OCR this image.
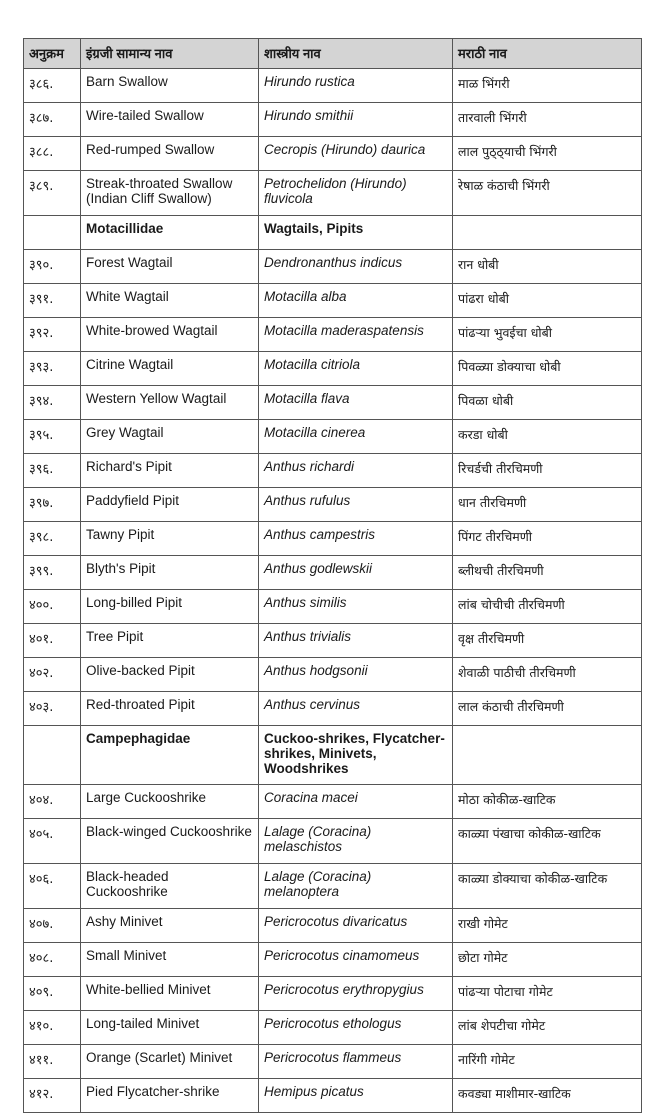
अनुक्रम	इंग्रजी सामान्य नाव	शास्त्रीय नाव	मराठी नाव
३८६.	Barn Swallow	Hirundo rustica	माळ भिंगरी
३८७.	Wire-tailed Swallow	Hirundo smithii	तारवाली भिंगरी
३८८.	Red-rumped Swallow	Cecropis (Hirundo) daurica	लाल पुठ्ठ्याची भिंगरी
३८९.	Streak-throated Swallow (Indian Cliff Swallow)	Petrochelidon (Hirundo) fluvicola	रेषाळ कंठाची भिंगरी
	Motacillidae	Wagtails, Pipits	
३९०.	Forest Wagtail	Dendronanthus indicus	रान धोबी
३९१.	White Wagtail	Motacilla alba	पांढरा धोबी
३९२.	White-browed Wagtail	Motacilla maderaspatensis	पांढऱ्या भुवईचा धोबी
३९३.	Citrine Wagtail	Motacilla citriola	पिवळ्या डोक्याचा धोबी
३९४.	Western Yellow Wagtail	Motacilla flava	पिवळा धोबी
३९५.	Grey Wagtail	Motacilla cinerea	करडा धोबी
३९६.	Richard's Pipit	Anthus richardi	रिचर्डची तीरचिमणी
३९७.	Paddyfield Pipit	Anthus rufulus	धान तीरचिमणी
३९८.	Tawny Pipit	Anthus campestris	पिंगट तीरचिमणी
३९९.	Blyth's Pipit	Anthus godlewskii	ब्लीथची तीरचिमणी
४००.	Long-billed Pipit	Anthus similis	लांब चोचीची तीरचिमणी
४०१.	Tree Pipit	Anthus trivialis	वृक्ष तीरचिमणी
४०२.	Olive-backed Pipit	Anthus hodgsonii	शेवाळी पाठीची तीरचिमणी
४०३.	Red-throated Pipit	Anthus cervinus	लाल कंठाची तीरचिमणी
	Campephagidae	Cuckoo-shrikes, Flycatcher-shrikes, Minivets, Woodshrikes	
४०४.	Large Cuckooshrike	Coracina macei	मोठा कोकीळ-खाटिक
४०५.	Black-winged Cuckooshrike	Lalage (Coracina) melaschistos	काळ्या पंखाचा कोकीळ-खाटिक
४०६.	Black-headed Cuckooshrike	Lalage (Coracina) melanoptera	काळ्या डोक्याचा कोकीळ-खाटिक
४०७.	Ashy Minivet	Pericrocotus divaricatus	राखी गोमेट
४०८.	Small Minivet	Pericrocotus cinamomeus	छोटा गोमेट
४०९.	White-bellied Minivet	Pericrocotus erythropygius	पांढऱ्या पोटाचा गोमेट
४१०.	Long-tailed Minivet	Pericrocotus ethologus	लांब शेपटीचा गोमेट
४११.	Orange (Scarlet) Minivet	Pericrocotus flammeus	नारिंगी गोमेट
४१२.	Pied Flycatcher-shrike	Hemipus picatus	कवड्या माशीमार-खाटिक
